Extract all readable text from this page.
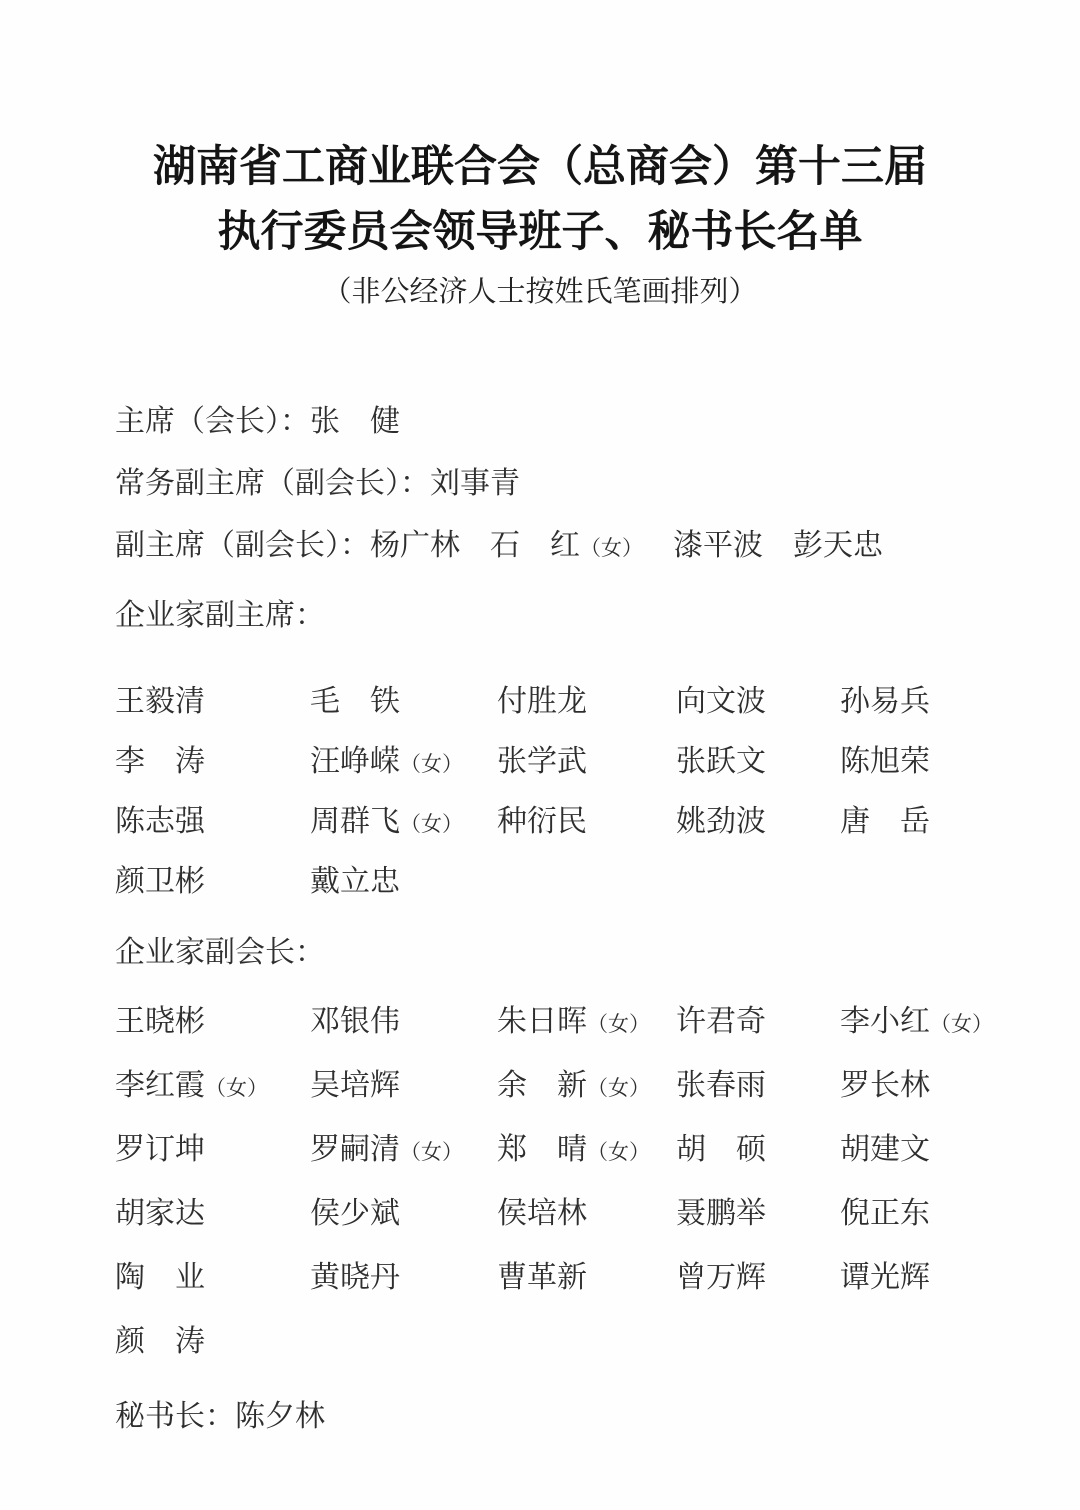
湖南省工商业联合会（总商会）第十三届
执行委员会领导班子、秘书长名单
（非公经济人士按姓氏笔画排列）
主席（会长）： 张　健
常务副主席（副会长）： 刘事青
副主席（副会长）： 杨广林 石　红（女） 漆平波 彭天忠
企业家副主席：
王毅清	毛　铁	付胜龙	向文波	孙易兵
李　涛	汪峥嵘（女）	张学武	张跃文	陈旭荣
陈志强	周群飞（女）	种衍民	姚劲波	唐　岳
颜卫彬	戴立忠
企业家副会长：
王晓彬	邓银伟	朱日晖（女） 许君奇	李小红（女）
李红霞（女）	吴培辉	余　新（女） 张春雨	罗长林
罗订坤	罗嗣清（女）	郑　晴（女） 胡　硕	胡建文
胡家达	侯少斌	侯培林	聂鹏举	倪正东
陶　业	黄晓丹	曹革新	曾万辉	谭光辉
颜　涛
秘书长： 陈夕林
